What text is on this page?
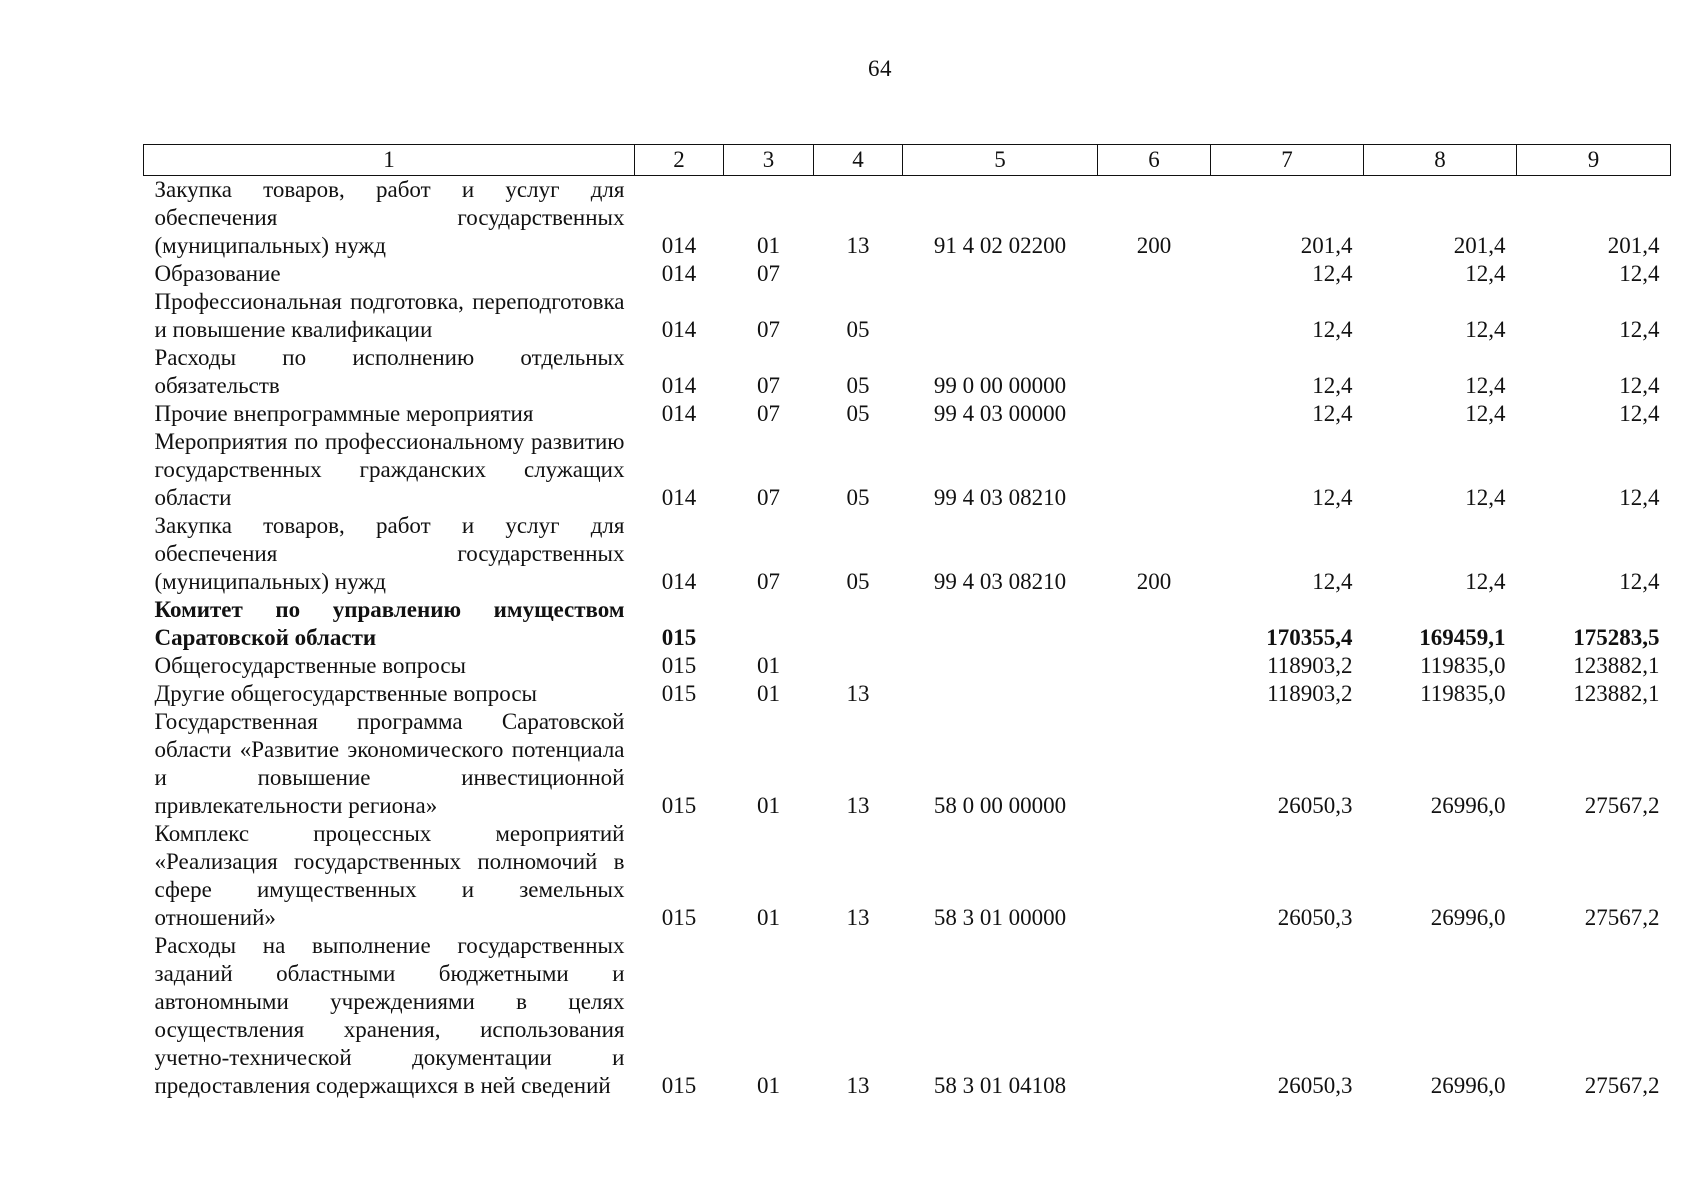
64
1	2	3	4	5	6	7	8	9
Закупка товаров, работ и услуг для обеспечения государственных (муниципальных) нужд	014	01	13	91 4 02 02200	200	201,4	201,4	201,4
Образование	014	07				12,4	12,4	12,4
Профессиональная подготовка, переподготовка и повышение квалификации	014	07	05			12,4	12,4	12,4
Расходы по исполнению отдельных обязательств	014	07	05	99 0 00 00000		12,4	12,4	12,4
Прочие внепрограммные мероприятия	014	07	05	99 4 03 00000		12,4	12,4	12,4
Мероприятия по профессиональному развитию государственных гражданских служащих области	014	07	05	99 4 03 08210		12,4	12,4	12,4
Закупка товаров, работ и услуг для обеспечения государственных (муниципальных) нужд	014	07	05	99 4 03 08210	200	12,4	12,4	12,4
Комитет по управлению имуществом Саратовской области	015					170355,4	169459,1	175283,5
Общегосударственные вопросы	015	01				118903,2	119835,0	123882,1
Другие общегосударственные вопросы	015	01	13			118903,2	119835,0	123882,1
Государственная программа Саратовской области «Развитие экономического потенциала и повышение инвестиционной привлекательности региона»	015	01	13	58 0 00 00000		26050,3	26996,0	27567,2
Комплекс процессных мероприятий «Реализация государственных полномочий в сфере имущественных и земельных отношений»	015	01	13	58 3 01 00000		26050,3	26996,0	27567,2
Расходы на выполнение государственных заданий областными бюджетными и автономными учреждениями в целях осуществления хранения, использования учетно-технической документации и предоставления содержащихся в ней сведений	015	01	13	58 3 01 04108		26050,3	26996,0	27567,2
